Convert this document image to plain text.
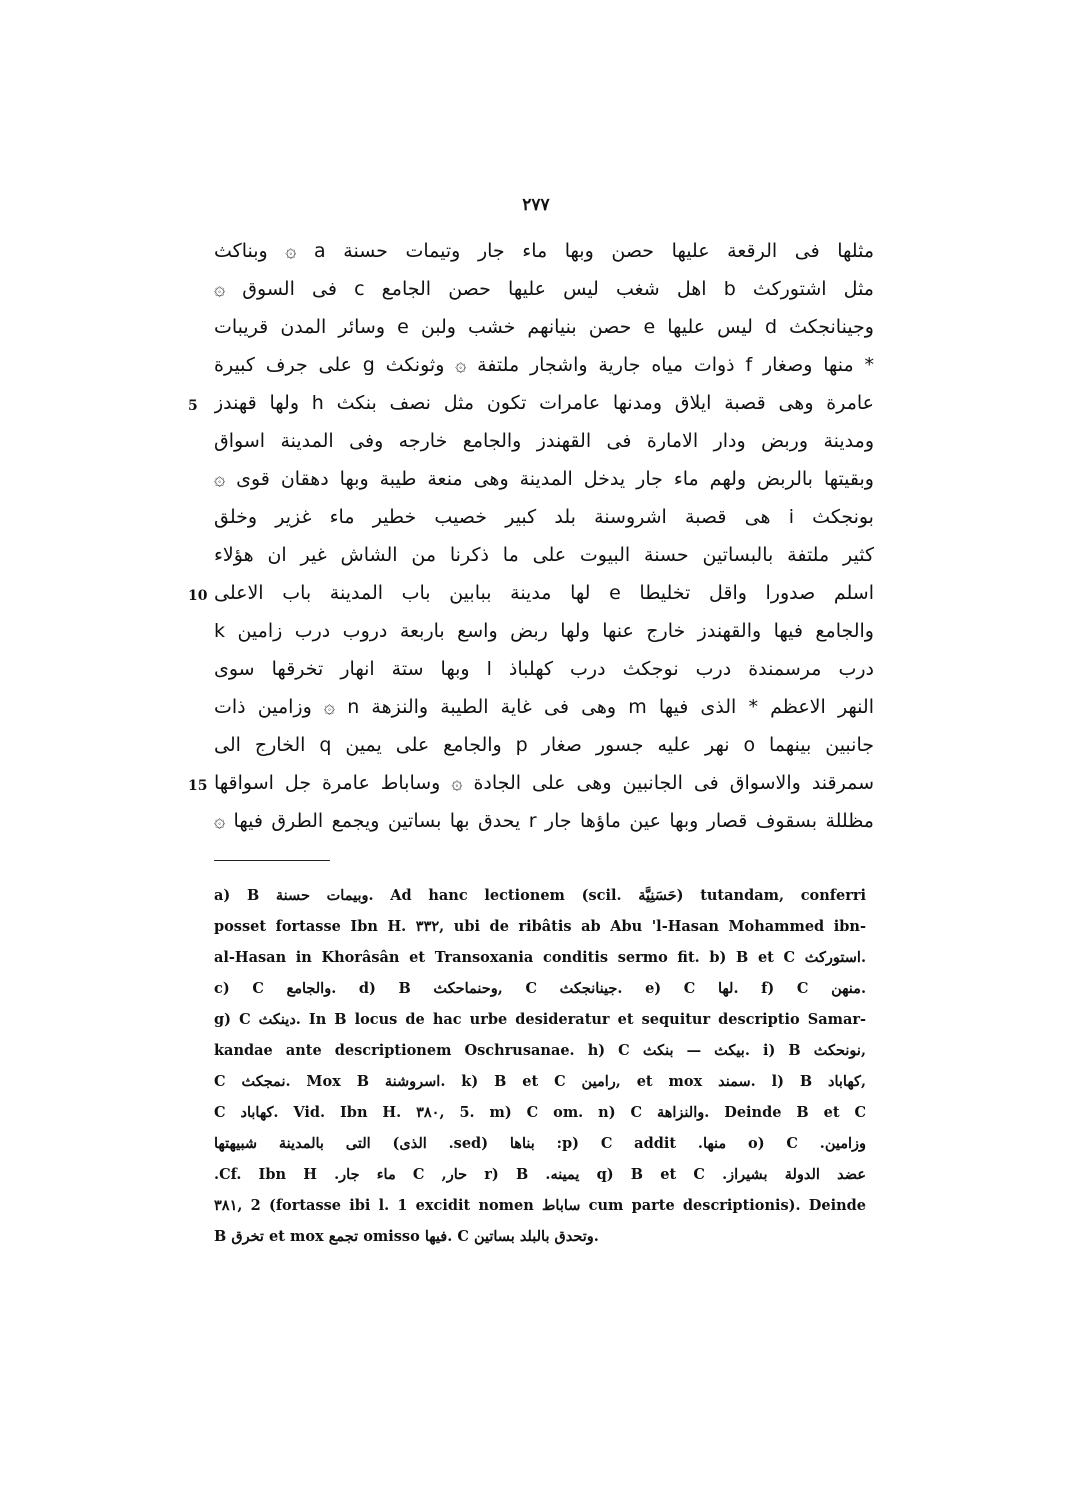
٢٧٧
مثلها فى الرقعة عليها حصن وبها ماء جار وتيمات حسنة a ۞ وبناكث
مثل اشتوركث b اهل شغب ليس عليها حصن الجامع c فى السوق ۞
وجينانجكث d ليس عليها e حصن بنيانهم خشب ولبن e وسائر المدن قريبات
* منها وصغار f ذوات مياه جارية واشجار ملتفة ۞ وثونكث g على جرف كبيرة
عامرة وهى قصبة ايلاق ومدنها عامرات تكون مثل نصف بنكث h ولها قهندز
ومدينة وربض ودار الامارة فى القهندز والجامع خارجه وفى المدينة اسواق
وبقيتها بالربض ولهم ماء جار يدخل المدينة وهى منعة طيبة وبها دهقان قوى ۞
بونجكث i هى قصبة اشروسنة بلد كبير خصيب خطير ماء غزير وخلق
كثير ملتفة بالبساتين حسنة البيوت على ما ذكرنا من الشاش غير ان هؤلاء
اسلم صدورا واقل تخليطا e لها مدينة ببابين باب المدينة باب الاعلى
والجامع فيها والقهندز خارج عنها ولها ربض واسع باربعة دروب درب زامين k
درب مرسمندة درب نوجكث درب كهلباذ l وبها ستة انهار تخرقها سوى
النهر الاعظم * الذى فيها m وهى فى غاية الطيبة والنزهة n ۞ وزامين ذات
جانبين بينهما o نهر عليه جسور صغار p والجامع على يمين q الخارج الى
سمرقند والاسواق فى الجانبين وهى على الجادة ۞ وساباط عامرة جل اسواقها
مظللة بسقوف قصار وبها عين ماؤها جار r يحدق بها بساتين ويجمع الطرق فيها ۞
5
10
15
a) B وبيمات حسنة. Ad hanc lectionem (scil. حَسَنِيَّة) tutandam, conferri
posset fortasse Ibn H. ٣٣٢, ubi de ribâtis ab Abu 'l-Hasan Mohammed ibn-
al-Hasan in Khorâsân et Transoxania conditis sermo fit. b) B et C استوركث.
c) C والجامع. d) B وحنماحكث, C جينانجكث. e) C لها. f) C منهن.
g) C دينكث. In B locus de hac urbe desideratur et sequitur descriptio Samar-
kandae ante descriptionem Oschrusanae. h) C بيكث — بنكث. i) B نونحكث,
C نمجكث. Mox B اسروشنة. k) B et C رامين, et mox سمند. l) B كهاباد,
C كهاباد. Vid. Ibn H. ٣٨٠, 5. m) C om. n) C والنزاهة. Deinde B et C
وزامين. o) C منها. p) C addit: بناها (sed. الذى) التى بالمدينة شبيهتها
عضد الدولة بشيراز. q) B et C يمينه. r) B حار, C ماء جار. Cf. Ibn H.
٣٨١, 2 (fortasse ibi l. 1 excidit nomen ساباط cum parte descriptionis). Deinde
B تخرق et mox تجمع omisso فيها. C وتحدق بالبلد بساتين.
